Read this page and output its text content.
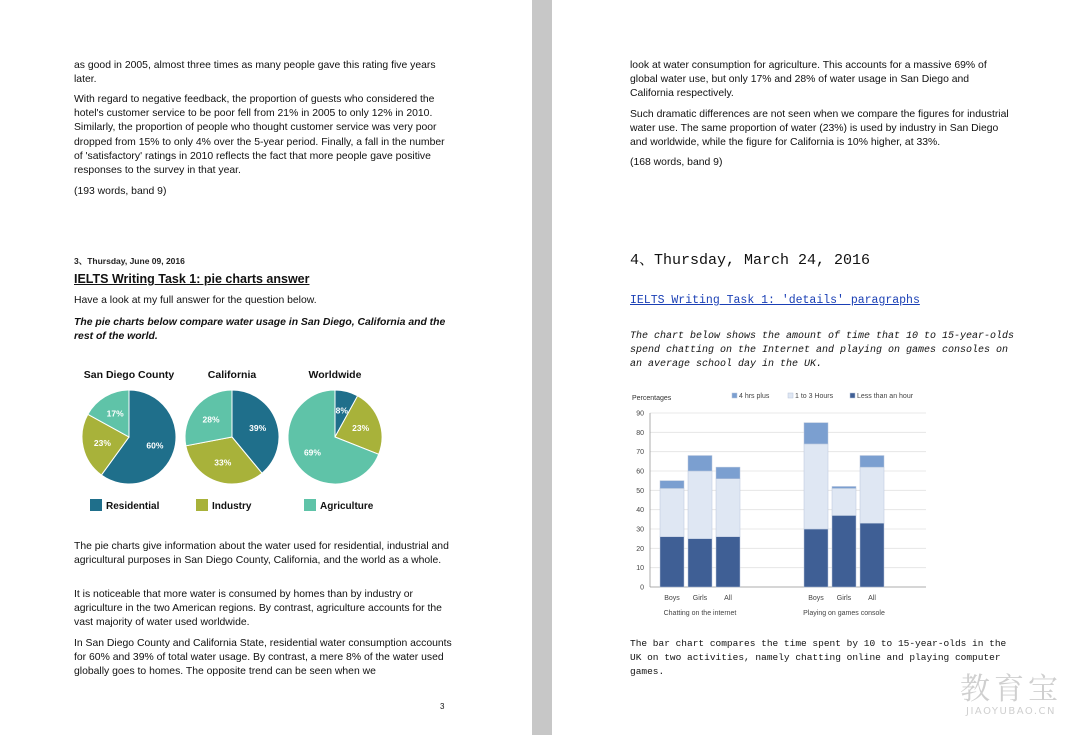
as good in 2005, almost three times as many people gave this rating five years later.
With regard to negative feedback, the proportion of guests who considered the hotel's customer service to be poor fell from 21% in 2005 to only 12% in 2010. Similarly, the proportion of people who thought customer service was very poor dropped from 15% to only 4% over the 5-year period. Finally, a fall in the number of 'satisfactory' ratings in 2010 reflects the fact that more people gave positive responses to the survey in that year.
(193 words, band 9)
3、Thursday, June 09, 2016
IELTS Writing Task 1: pie charts answer
Have a look at my full answer for the question below.
The pie charts below compare water usage in San Diego, California and the rest of the world.
San Diego County
60%
23%
17%
California
39%
33%
28%
Worldwide
8%
23%
69%
Residential	Industry	Agriculture
The pie charts give information about the water used for residential, industrial and agricultural purposes in San Diego County, California, and the world as a whole.
It is noticeable that more water is consumed by homes than by industry or agriculture in the two American regions. By contrast, agriculture accounts for the vast majority of water used worldwide.
In San Diego County and California State, residential water consumption accounts for 60% and 39% of total water usage. By contrast, a mere 8% of the water used globally goes to homes. The opposite trend can be seen when we
3
look at water consumption for agriculture. This accounts for a massive 69% of global water use, but only 17% and 28% of water usage in San Diego and California respectively.
Such dramatic differences are not seen when we compare the figures for industrial water use. The same proportion of water (23%) is used by industry in San Diego and worldwide, while the figure for California is 10% higher, at 33%.
(168 words, band 9)
4、Thursday, March 24, 2016
IELTS Writing Task 1: 'details' paragraphs
The chart below shows the amount of time that 10 to 15-year-olds spend chatting on the Internet and playing on games consoles on an average school day in the UK.
Percentages
0
10
20
30
40
50
60
70
80
90
Boys Girls All	Boys Girls All
Chatting on the internet	Playing on games console
4 hrs plus	1 to 3 Hours	Less than an hour
The bar chart compares the time spent by 10 to 15-year-olds in the UK on two activities, namely chatting online and playing computer games.
教育宝
JIAOYUBAO.CN
